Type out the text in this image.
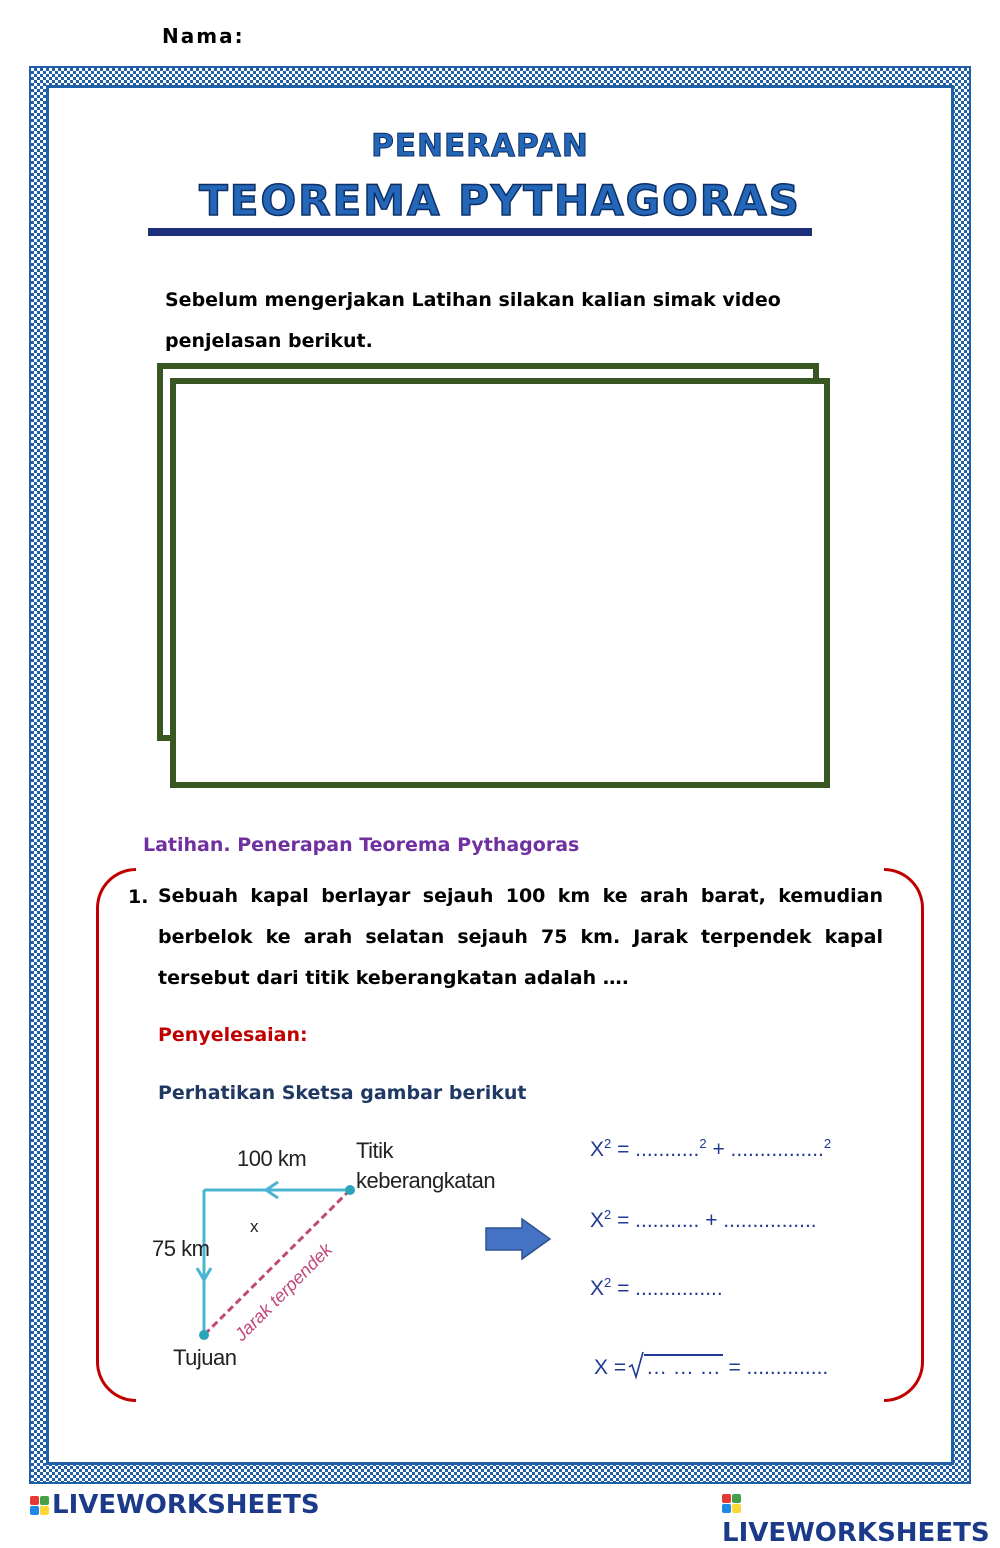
Nama:
PENERAPAN
TEOREMA PYTHAGORAS
Sebelum mengerjakan Latihan silakan kalian simak video penjelasan berikut.
Latihan. Penerapan Teorema Pythagoras
1. Sebuah kapal berlayar sejauh 100 km ke arah barat, kemudian berbelok ke arah selatan sejauh 75 km. Jarak terpendek kapal tersebut dari titik keberangkatan adalah ….
Penyelesaian:
Perhatikan Sketsa gambar berikut
Jarak terpendek
100 km Titik
keberangkatan
75 km
x
Tujuan
$X^2 = ...........^2 + ................^2$
$X^2$ = ........... + ................
$X^2$ = ...............
X =
… … … = ..............
LIVEWORKSHEETS
LIVEWORKSHEETS
